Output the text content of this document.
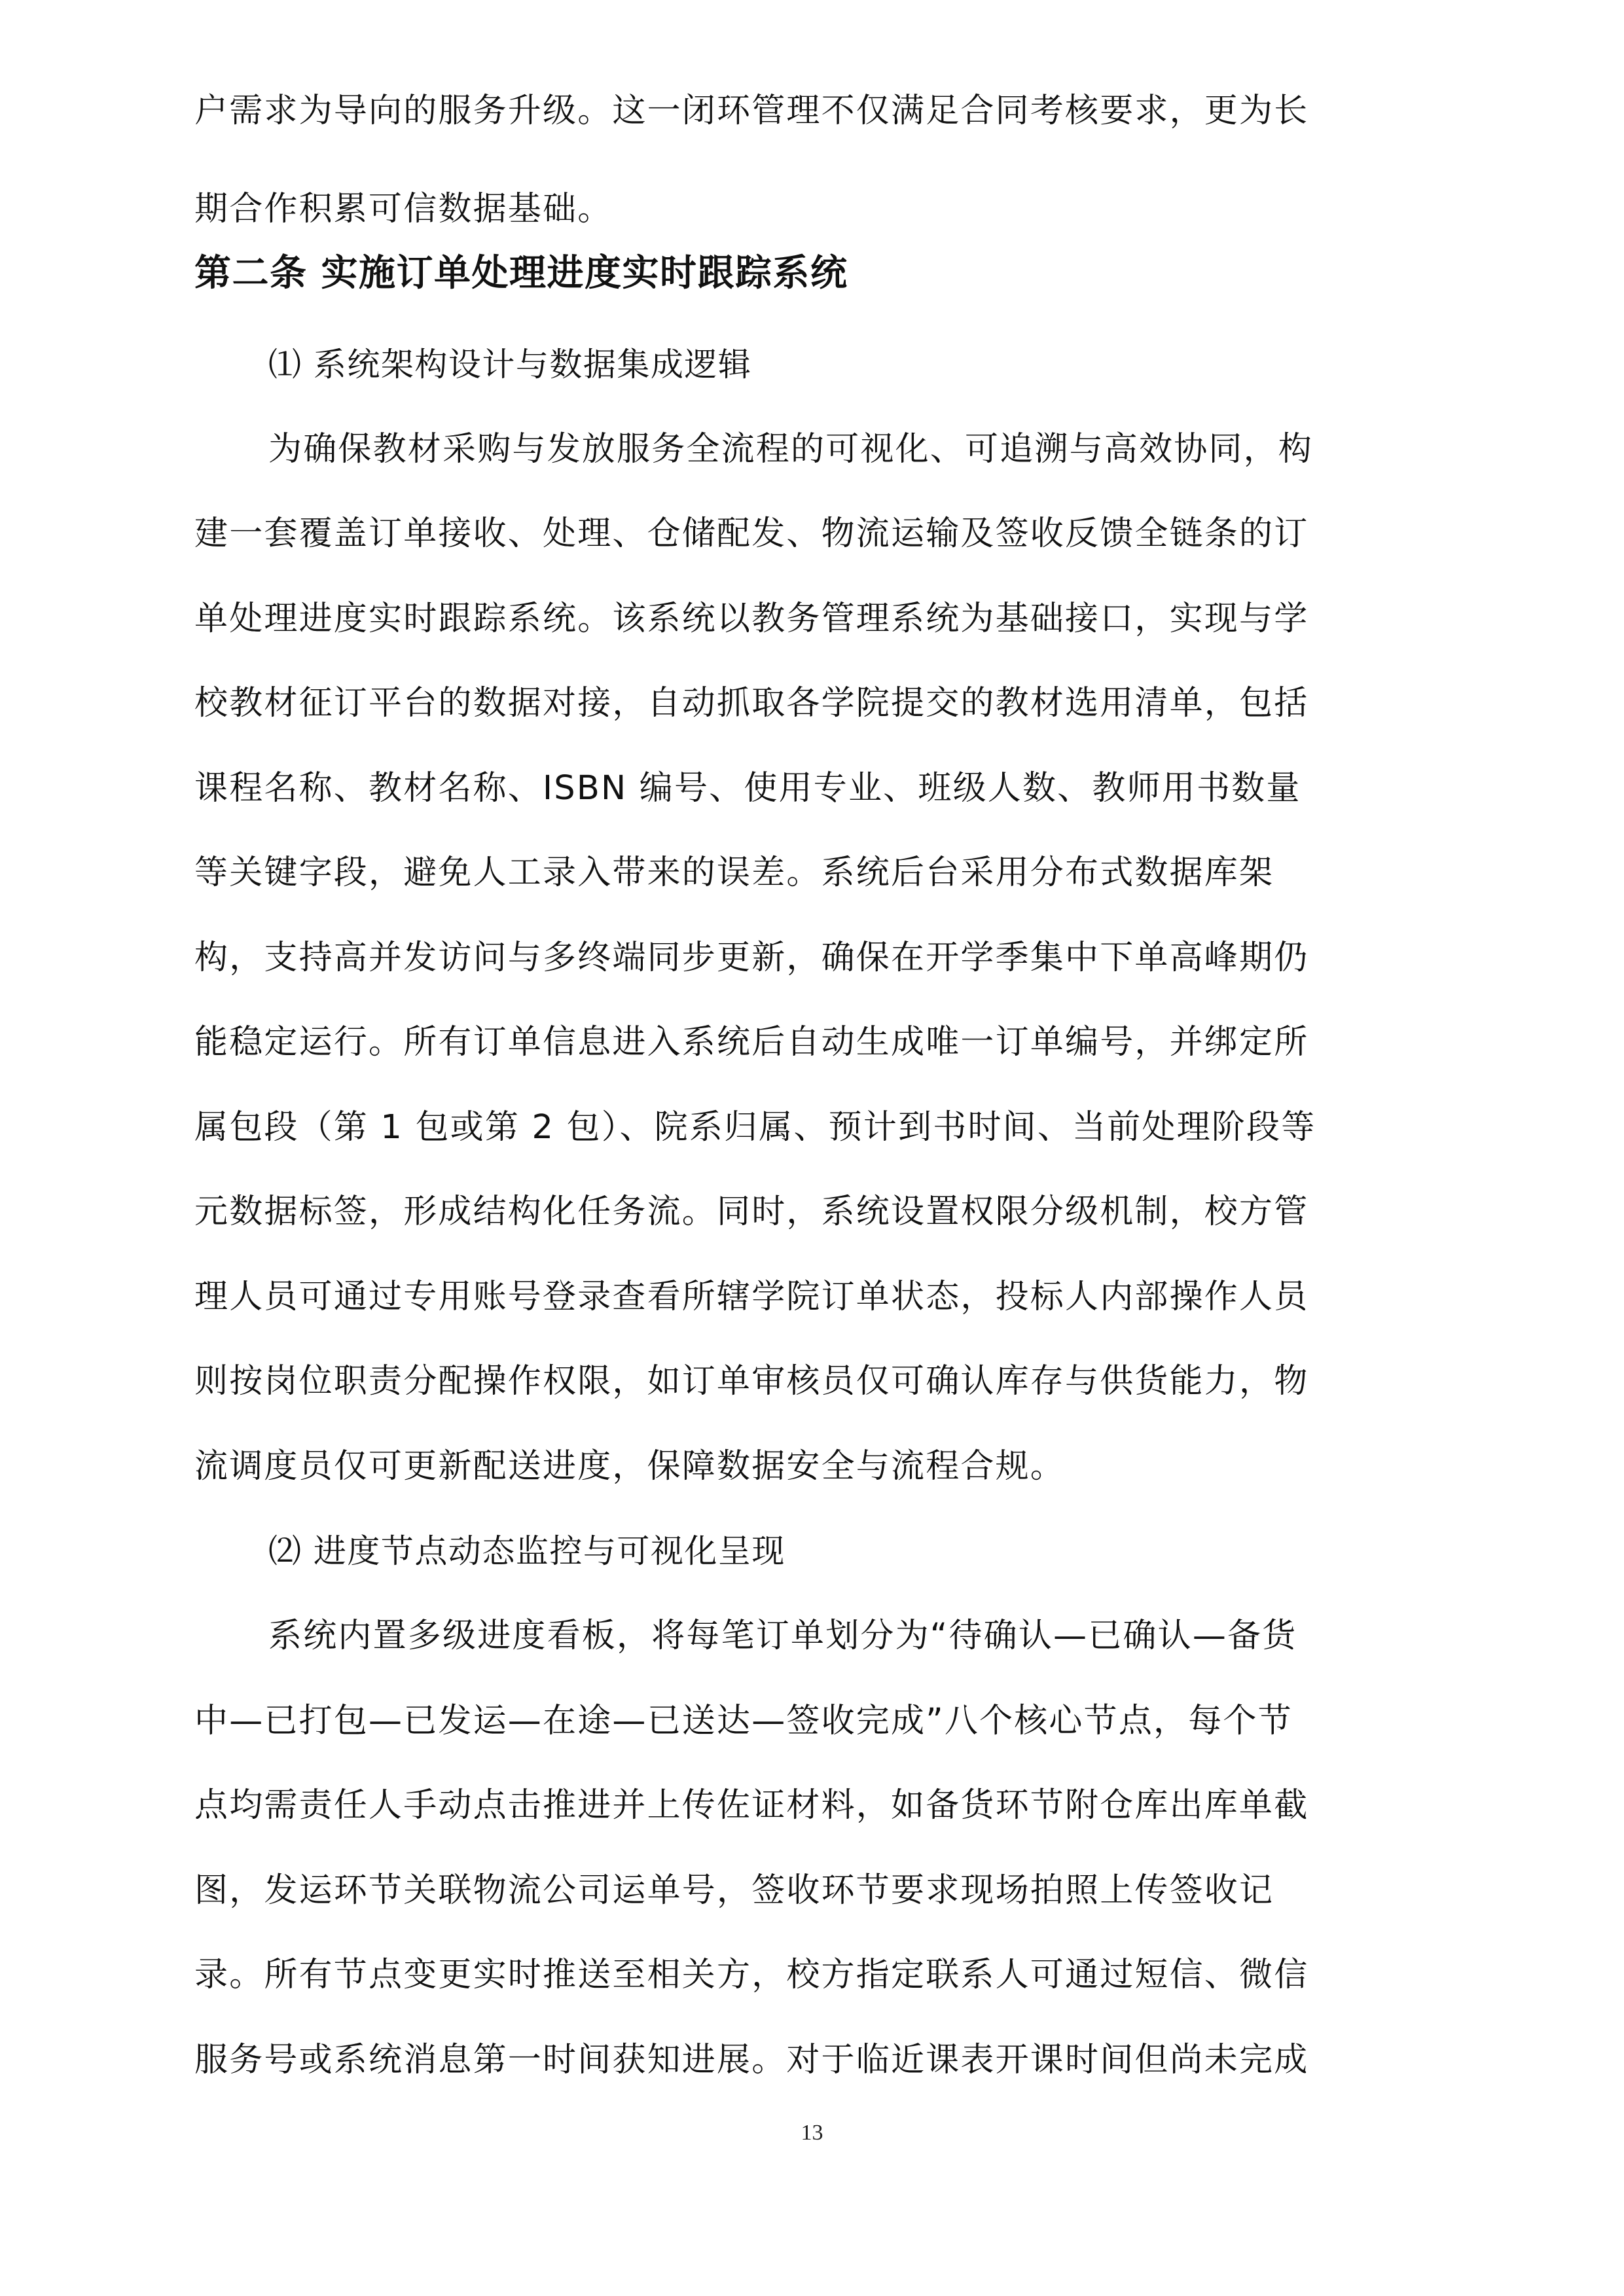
户需求为导向的服务升级。这一闭环管理不仅满足合同考核要求，更为长
期合作积累可信数据基础。
第二条 实施订单处理进度实时跟踪系统
⑴ 系统架构设计与数据集成逻辑
为确保教材采购与发放服务全流程的可视化、可追溯与高效协同，构
建一套覆盖订单接收、处理、仓储配发、物流运输及签收反馈全链条的订
单处理进度实时跟踪系统。该系统以教务管理系统为基础接口，实现与学
校教材征订平台的数据对接，自动抓取各学院提交的教材选用清单，包括
课程名称、教材名称、ISBN 编号、使用专业、班级人数、教师用书数量
等关键字段，避免人工录入带来的误差。系统后台采用分布式数据库架
构，支持高并发访问与多终端同步更新，确保在开学季集中下单高峰期仍
能稳定运行。所有订单信息进入系统后自动生成唯一订单编号，并绑定所
属包段（第 1 包或第 2 包）、院系归属、预计到书时间、当前处理阶段等
元数据标签，形成结构化任务流。同时，系统设置权限分级机制，校方管
理人员可通过专用账号登录查看所辖学院订单状态，投标人内部操作人员
则按岗位职责分配操作权限，如订单审核员仅可确认库存与供货能力，物
流调度员仅可更新配送进度，保障数据安全与流程合规。
⑵ 进度节点动态监控与可视化呈现
系统内置多级进度看板，将每笔订单划分为“待确认—已确认—备货
中—已打包—已发运—在途—已送达—签收完成”八个核心节点，每个节
点均需责任人手动点击推进并上传佐证材料，如备货环节附仓库出库单截
图，发运环节关联物流公司运单号，签收环节要求现场拍照上传签收记
录。所有节点变更实时推送至相关方，校方指定联系人可通过短信、微信
服务号或系统消息第一时间获知进展。对于临近课表开课时间但尚未完成
13
